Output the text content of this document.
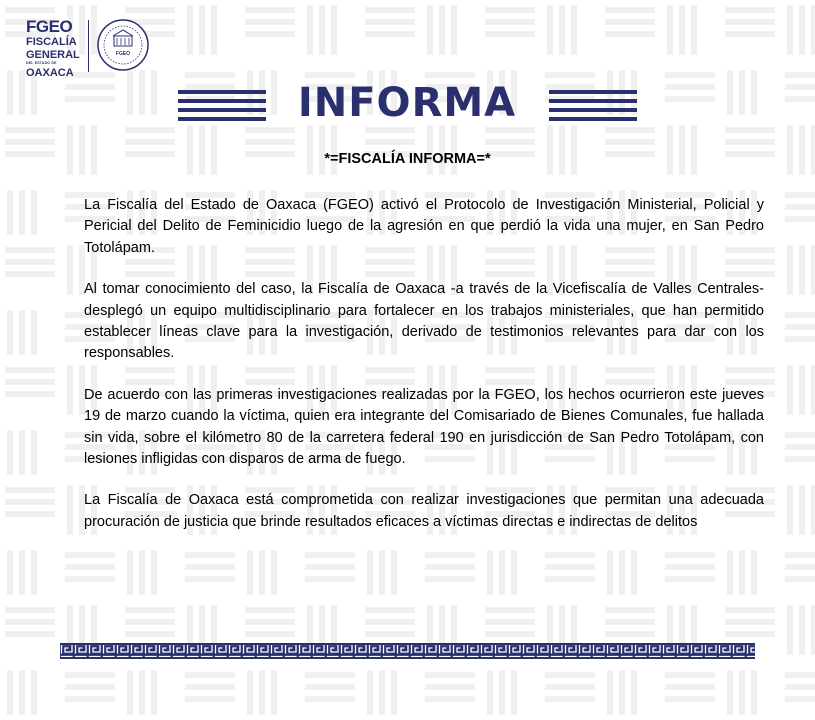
FGEO
FISCALÍA
GENERAL
DEL ESTADO DE
OAXACA
FGEO
INFORMA
*=FISCALÍA INFORMA=*

La Fiscalía del Estado de Oaxaca (FGEO) activó el Protocolo de Investigación Ministerial, Policial y Pericial del Delito de Feminicidio luego de la agresión en que perdió la vida una mujer, en San Pedro Totolápam.

Al tomar conocimiento del caso, la Fiscalía de Oaxaca -a través de la Vicefiscalía de Valles Centrales- desplegó un equipo multidisciplinario para fortalecer en los trabajos ministeriales, que han permitido establecer líneas clave para la investigación, derivado de testimonios relevantes para dar con los responsables.

De acuerdo con las primeras investigaciones realizadas por la FGEO, los hechos ocurrieron este jueves 19 de marzo cuando la víctima, quien era integrante del Comisariado de Bienes Comunales, fue hallada sin vida, sobre el kilómetro 80 de la carretera federal 190 en jurisdicción de San Pedro Totolápam, con lesiones infligidas con disparos de arma de fuego.

La Fiscalía de Oaxaca está comprometida con realizar investigaciones que permitan una adecuada procuración de justicia que brinde resultados eficaces a víctimas directas e indirectas de delitos
